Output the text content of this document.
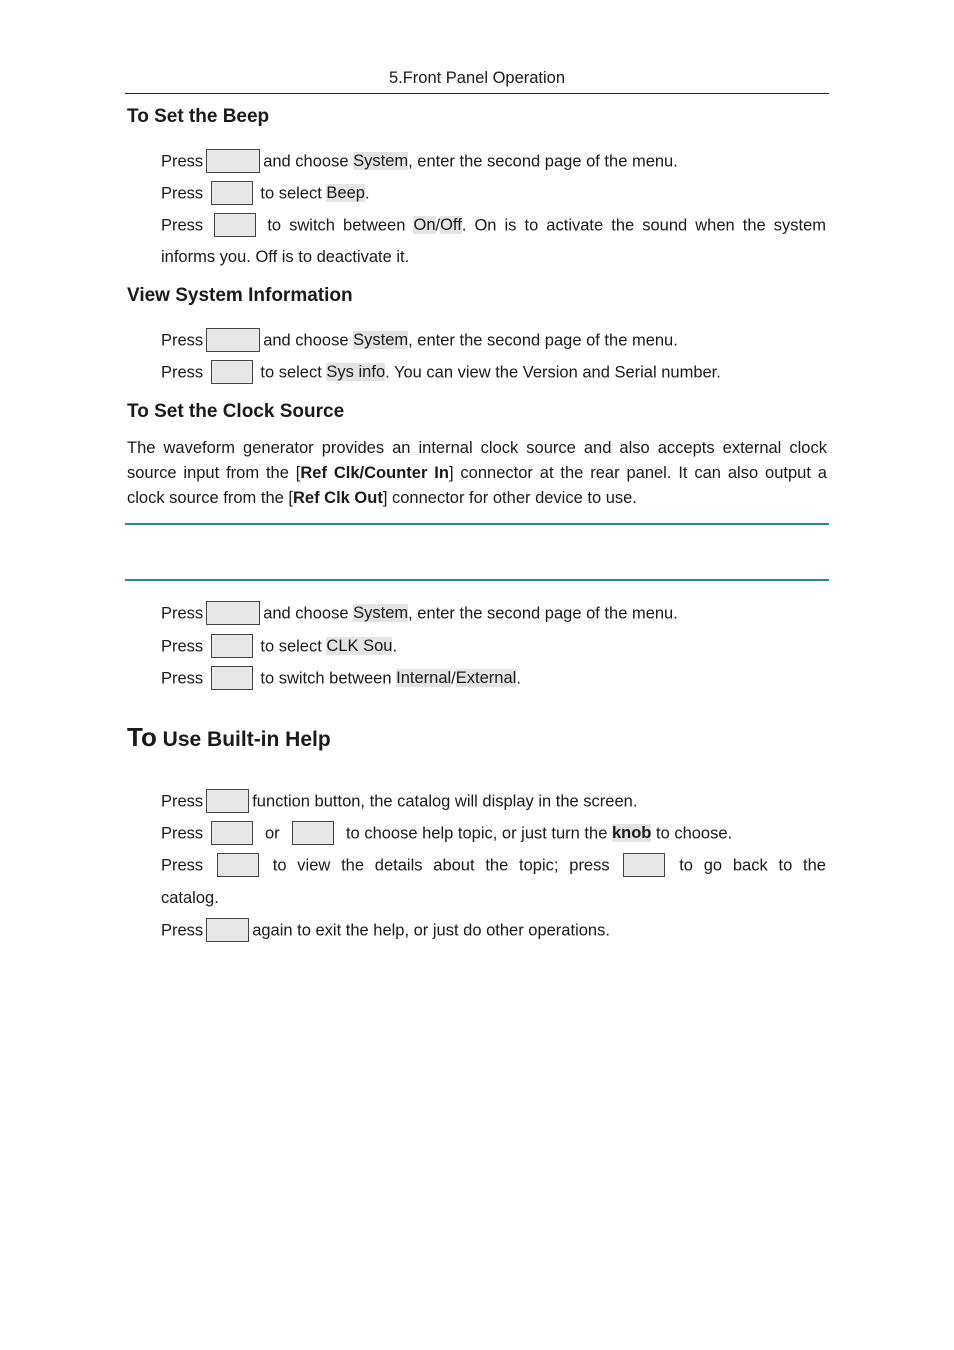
5.Front Panel Operation
To Set the Beep

Press	and choose System, enter the second page of the menu.

Press	to select Beep.

Press	to switch between On/Off. On is to activate the sound when the system

informs you. Off is to deactivate it.

View System Information

Press	and choose System, enter the second page of the menu.

Press	to select Sys info. You can view the Version and Serial number.

To Set the Clock Source

The waveform generator provides an internal clock source and also accepts external clock source input from the [Ref Clk/Counter In] connector at the rear panel. It can also output a clock source from the [Ref Clk Out] connector for other device to use.

Press	and choose System, enter the second page of the menu.

Press	to select CLK Sou.

Press	to switch between Internal/External.

To Use Built-in Help

Press	function button, the catalog will display in the screen.

Press	or	to choose help topic, or just turn the knob to choose.

Press	to view the details about the topic; press	to go back to the

catalog.

Press	again to exit the help, or just do other operations.
